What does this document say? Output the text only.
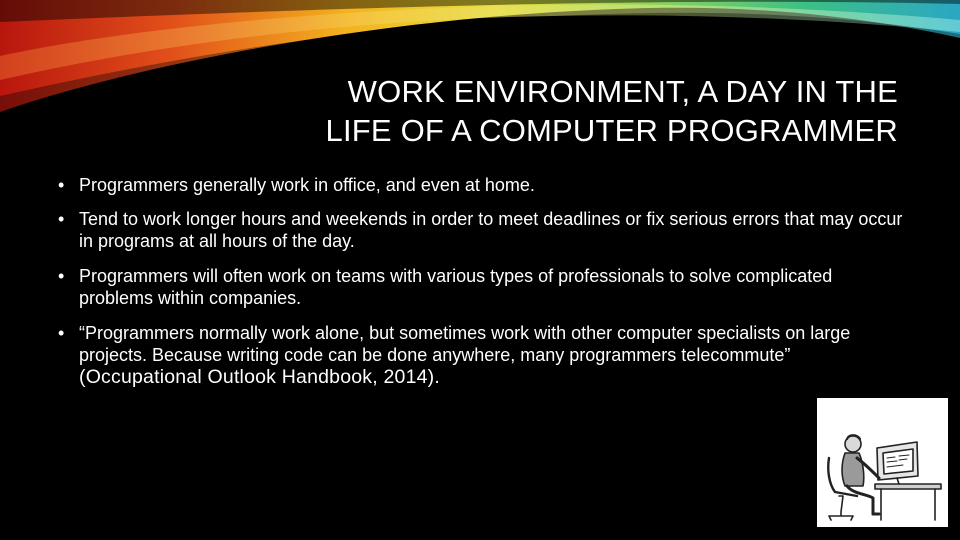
WORK ENVIRONMENT, A DAY IN THE
LIFE OF A COMPUTER PROGRAMMER
• Programmers generally work in office, and even at home.
• Tend to work longer hours and weekends in order to meet deadlines or fix serious errors that may occur in programs at all hours of the day.
• Programmers will often work on teams with various types of professionals to solve complicated problems within companies.
• “Programmers normally work alone, but sometimes work with other computer specialists on large projects. Because writing code can be done anywhere, many programmers telecommute” (Occupational Outlook Handbook, 2014).
